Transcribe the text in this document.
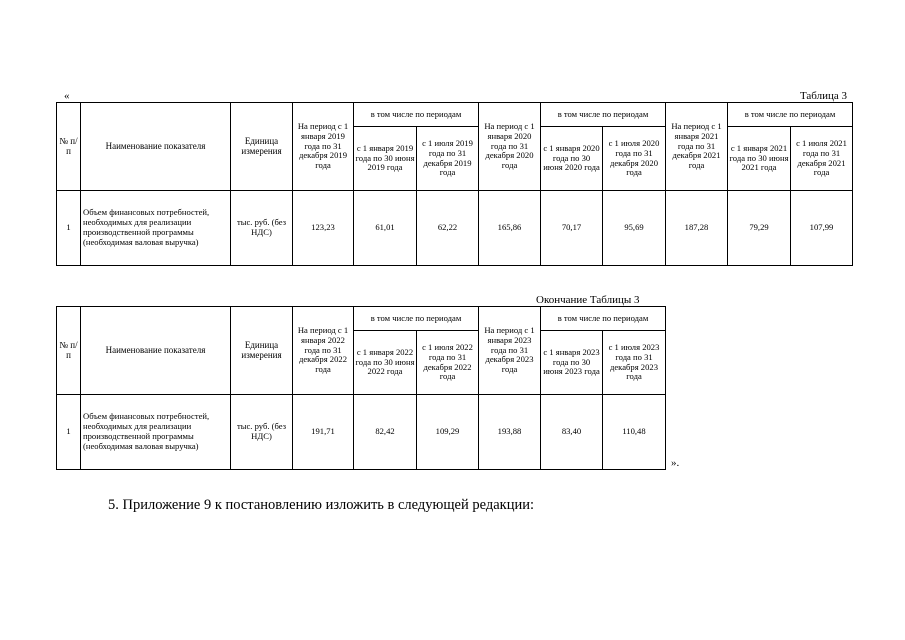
«	Таблица 3
№ п/п	Наименование показателя	Единица измерения	На период с 1 января 2019 года по 31 декабря 2019 года	в том числе по периодам		На период с 1 января 2020 года по 31 декабря 2020 года	в том числе по периодам		На период с 1 января 2021 года по 31 декабря 2021 года	в том числе по периодам	
				с 1 января 2019 года по 30 июня 2019 года	с 1 июля 2019 года по 31 декабря 2019 года		с 1 января 2020 года по 30 июня 2020 года	с 1 июля 2020 года по 31 декабря 2020 года		с 1 января 2021 года по 30 июня 2021 года	с 1 июля 2021 года по 31 декабря 2021 года
1	Объем финансовых потребностей, необходимых для реализации производственной программы (необходимая валовая выручка)	тыс. руб. (без НДС)	123,23	61,01	62,22	165,86	70,17	95,69	187,28	79,29	107,99
Окончание Таблицы 3
№ п/п	Наименование показателя	Единица измерения	На период с 1 января 2022 года по 31 декабря 2022 года	в том числе по периодам		На период с 1 января 2023 года по 31 декабря 2023 года	в том числе по периодам	
				с 1 января 2022 года по 30 июня 2022 года	с 1 июля 2022 года по 31 декабря 2022 года		с 1 января 2023 года по 30 июня 2023 года	с 1 июля 2023 года по 31 декабря 2023 года
1	Объем финансовых потребностей, необходимых для реализации производственной программы (необходимая валовая выручка)	тыс. руб. (без НДС)	191,71	82,42	109,29	193,88	83,40	110,48
».
5. Приложение 9 к постановлению изложить в следующей редакции:
